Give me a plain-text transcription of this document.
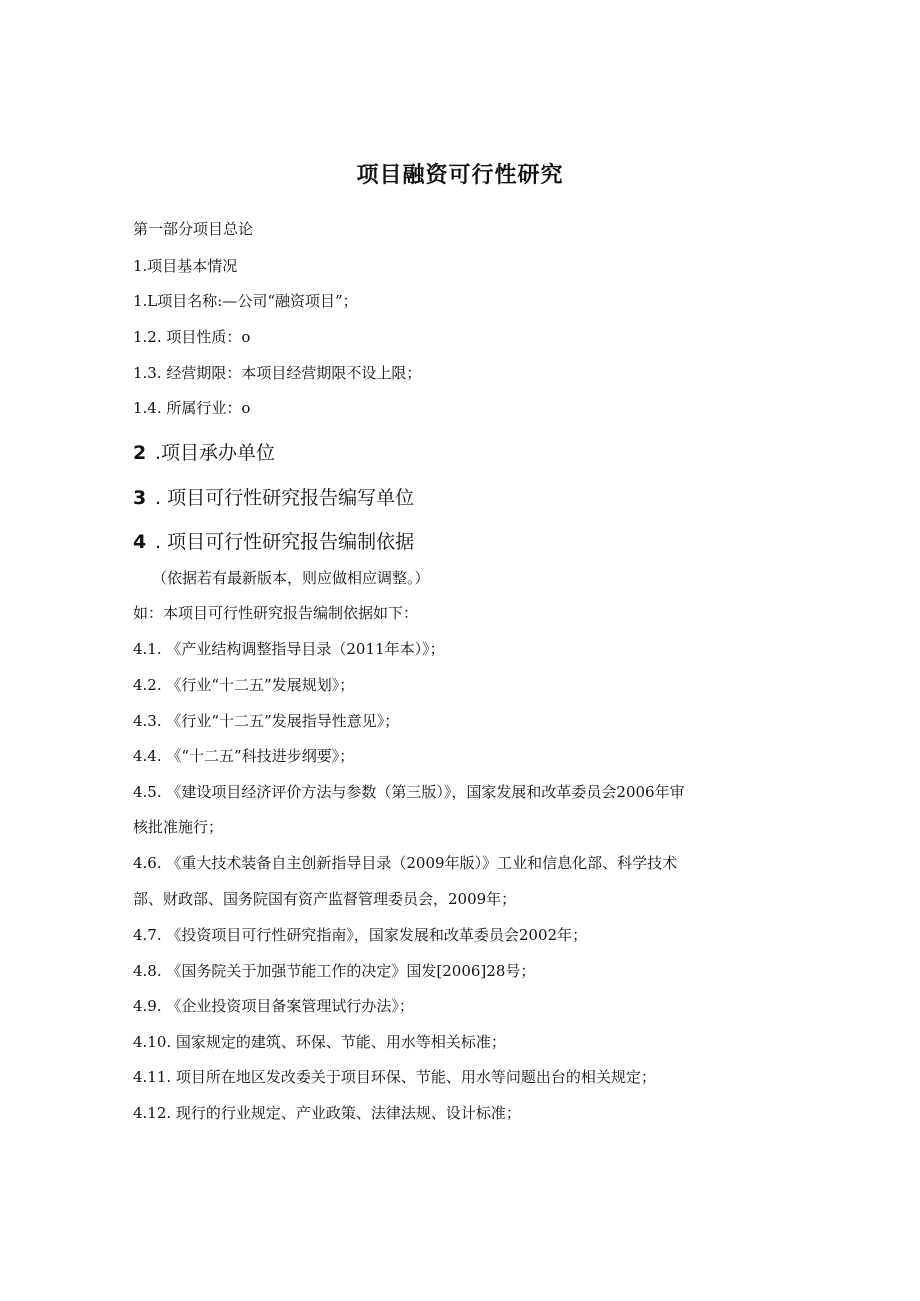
项目融资可行性研究
第一部分项目总论
1.项目基本情况
1.L项目名称:—公司“融资项目”；
1.2. 项目性质：o
1.3. 经营期限：本项目经营期限不设上限；
1.4. 所属行业：o
2 .项目承办单位
3 . 项目可行性研究报告编写单位
4 . 项目可行性研究报告编制依据
（依据若有最新版本，则应做相应调整。）
如：本项目可行性研究报告编制依据如下：
4.1. 《产业结构调整指导目录（2011年本）》；
4.2. 《行业“十二五”发展规划》；
4.3. 《行业“十二五”发展指导性意见》；
4.4. 《“十二五”科技进步纲要》；
4.5. 《建设项目经济评价方法与参数（第三版）》，国家发展和改革委员会2006年审
核批准施行；
4.6. 《重大技术装备自主创新指导目录（2009年版）》工业和信息化部、科学技术
部、财政部、国务院国有资产监督管理委员会，2009年；
4.7. 《投资项目可行性研究指南》，国家发展和改革委员会2002年；
4.8. 《国务院关于加强节能工作的决定》国发[2006]28号；
4.9. 《企业投资项目备案管理试行办法》；
4.10. 国家规定的建筑、环保、节能、用水等相关标准；
4.11. 项目所在地区发改委关于项目环保、节能、用水等问题出台的相关规定；
4.12. 现行的行业规定、产业政策、法律法规、设计标准；
